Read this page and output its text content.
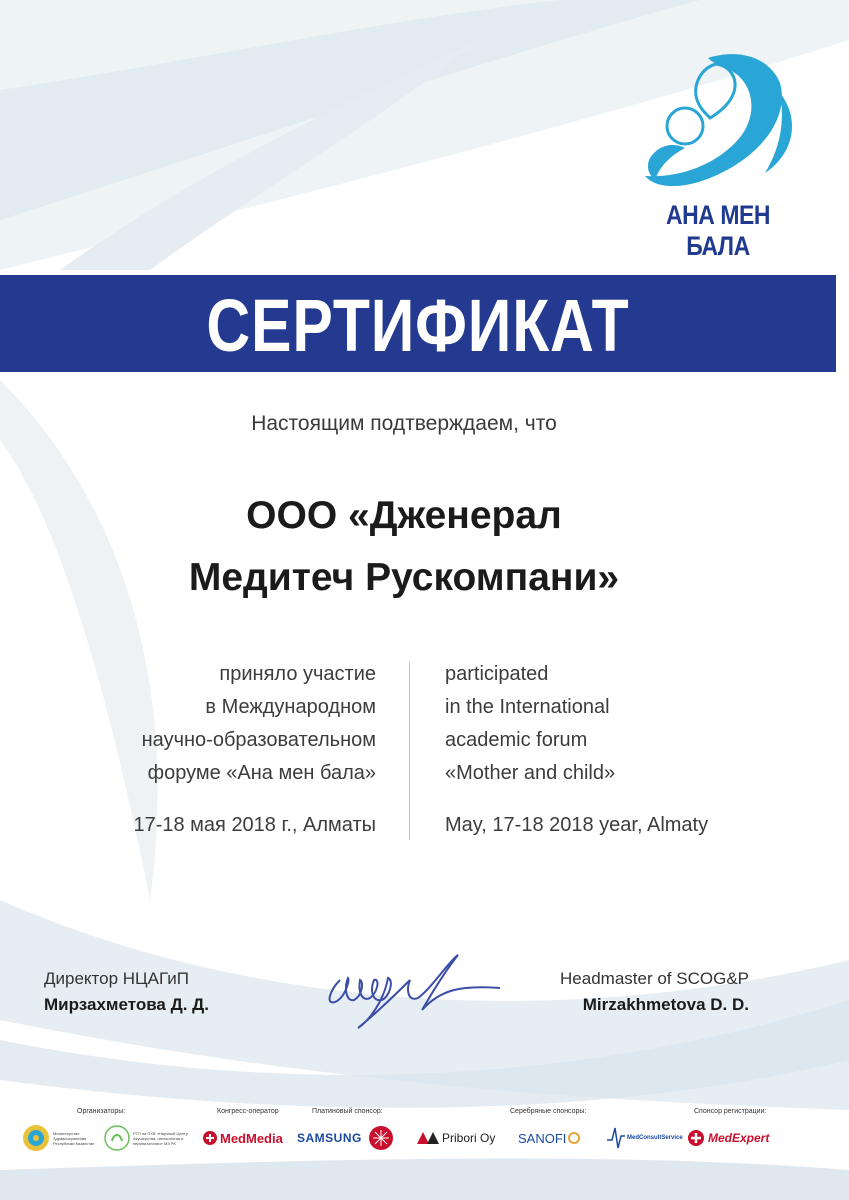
АНА МЕН БАЛА
СЕРТИФИКАТ
Настоящим подтверждаем, что
ООО «Дженерал
Медитеч Рускомпани»
приняло участие
в Международном
научно-образовательном
форуме «Ана мен бала»
participated
in the International
academic forum
«Mother and child»
17-18 мая 2018 г., Алматы	May, 17-18 2018 year, Almaty
Директор НЦАГиП
Мирзахметова Д. Д.
Headmaster of SCOG&P
Mirzakhmetova D. D.
Организаторы:
Министерство Здравоохранения Республики Казахстан
РГП на ПХВ «Научный Центр Акушерства, гинекологии и перинатологии» МЗ РК
Конгресс-оператор
MedMedia
Платиновый спонсор:
SAMSUNG
Серебряные спонсоры:
Pribori Oy SANOFI	MedConsultService
Спонсор регистрации:
MedExpert
